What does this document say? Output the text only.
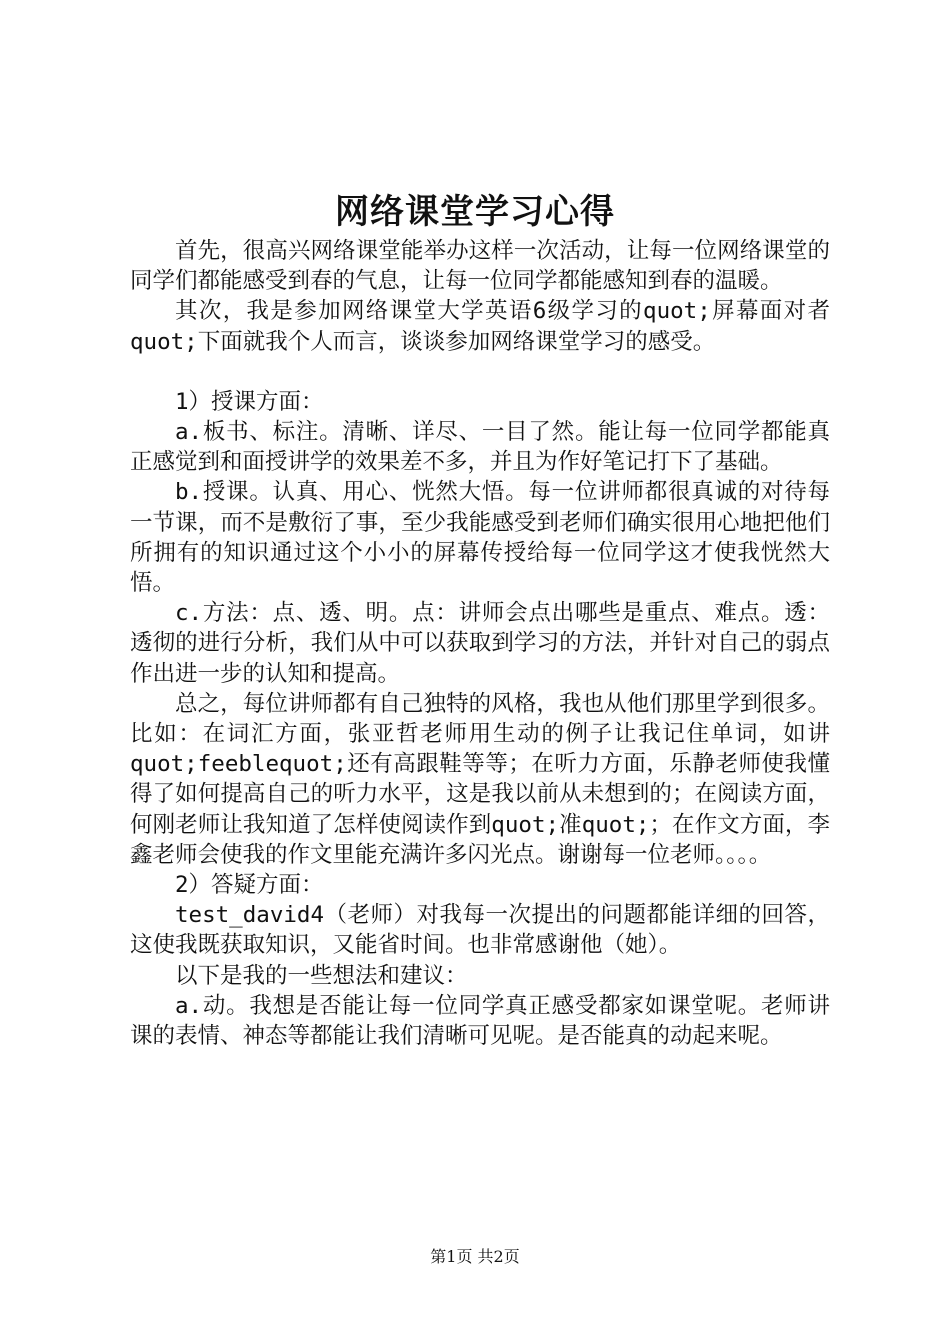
网络课堂学习心得

首先，很高兴网络课堂能举办这样一次活动，让每一位网络课堂的同学们都能感受到春的气息，让每一位同学都能感知到春的温暖。

其次，我是参加网络课堂大学英语6级学习的quot;屏幕面对者quot;下面就我个人而言，谈谈参加网络课堂学习的感受。

1）授课方面：

a.板书、标注。清晰、详尽、一目了然。能让每一位同学都能真正感觉到和面授讲学的效果差不多，并且为作好笔记打下了基础。

b.授课。认真、用心、恍然大悟。每一位讲师都很真诚的对待每一节课，而不是敷衍了事，至少我能感受到老师们确实很用心地把他们所拥有的知识通过这个小小的屏幕传授给每一位同学这才使我恍然大悟。

c.方法：点、透、明。点：讲师会点出哪些是重点、难点。透：透彻的进行分析，我们从中可以获取到学习的方法，并针对自己的弱点作出进一步的认知和提高。

总之，每位讲师都有自己独特的风格，我也从他们那里学到很多。比如：在词汇方面，张亚哲老师用生动的例子让我记住单词，如讲quot;feeblequot;还有高跟鞋等等；在听力方面，乐静老师使我懂得了如何提高自己的听力水平，这是我以前从未想到的；在阅读方面，何刚老师让我知道了怎样使阅读作到quot;准quot;；在作文方面，李鑫老师会使我的作文里能充满许多闪光点。谢谢每一位老师。。。。

2）答疑方面：

test_david4（老师）对我每一次提出的问题都能详细的回答，这使我既获取知识，又能省时间。也非常感谢他（她）。

以下是我的一些想法和建议：

a.动。我想是否能让每一位同学真正感受都家如课堂呢。老师讲课的表情、神态等都能让我们清晰可见呢。是否能真的动起来呢。

第1页 共2页
